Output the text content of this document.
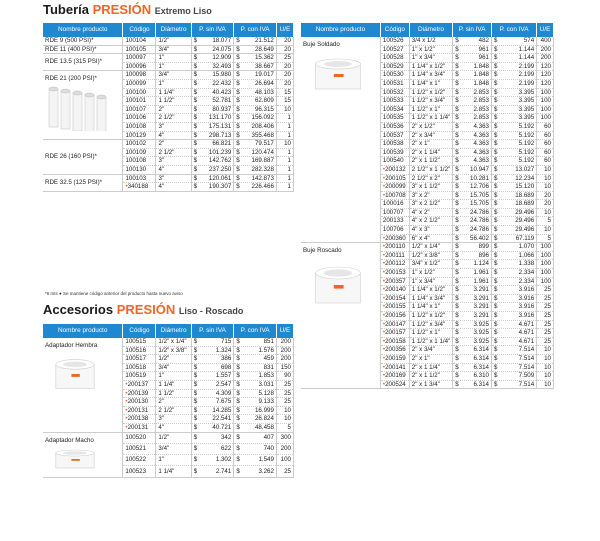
Tubería PRESIÓN Extremo Liso
Nombre producto	Código	Diámetro	P. sin IVA	P. con IVA	U/E

RDE 9 (500 PSI)*	100104	1/2"	$ 18.077	$ 21.512	20

RDE 11 (400 PSI)*	100105	3/4"	$ 24.075	$ 28.649	20

RDE 13.5 (315 PSI)*	100097	1"	$ 12.909	$ 15.362	25
	100096	1"	$ 32.493	$ 38.667	20

RDE 21 (200 PSI)*	100098	3/4"	$ 15.980	$ 19.017	20
	100099	1"	$ 22.432	$ 26.694	20
	100100	1 1/4"	$ 40.423	$ 48.103	15
	100101	1 1/2"	$ 52.781	$ 62.809	15
	100107	2"	$ 80.937	$ 96.315	10
	100106	2 1/2"	$ 131.170	$ 156.092	1
	100108	3"	$ 175.131	$ 208.406	1
	100129	4"	$ 298.713	$ 355.468	1

RDE 26 (160 PSI)*	100102	2"	$ 66.821	$ 79.517	10
	100109	2 1/2"	$ 101.239	$ 120.474	1
	100108	3"	$ 142.762	$ 169.887	1
	100130	4"	$ 237.250	$ 282.328	1

RDE 32.5 (125 PSI)*	100103	3"	$ 120.061	$ 142.873	1
	•340188	4"	$ 190.307	$ 226.466	1
*6 mts ● Se mantiene código anterior del producto hasta nuevo aviso
Accesorios PRESIÓN Liso - Roscado
Nombre producto	Código	Diámetro	P. sin IVA	P. con IVA	U/E

Adaptador Hembra	100515	1/2" x 1/4"	$ 715	$ 851	200
	100516	1/2" x 3/8"	$ 1.324	$ 1.576	200
	100517	1/2"	$ 386	$ 459	200
	100518	3/4"	$ 698	$ 831	150
	100519	1"	$ 1.557	$ 1.853	90
	•200137	1 1/4"	$ 2.547	$ 3.031	25
	•200139	1 1/2"	$ 4.309	$ 5.128	25
	•200130	2"	$ 7.675	$ 9.133	25
	•200131	2 1/2"	$ 14.285	$ 16.999	10
	•200138	3"	$ 22.541	$ 26.824	10
	•200131	4"	$ 40.721	$ 48.458	5

Adaptador Macho	100520	1/2"	$ 342	$ 407	300
	100521	3/4"	$ 622	$ 740	200
	100522	1"	$ 1.302	$ 1.549	100
	100523	1 1/4"	$ 2.741	$ 3.262	25
Nombre producto	Código	Diámetro	P. sin IVA	P. con IVA	U/E

Buje Soldado	100526	3/4 x 1/2	$ 482	$ 574	400
	100527	1" x 1/2"	$ 961	$ 1.144	200
	100528	1" x 3/4"	$ 961	$ 1.144	200
	100529	1 1/4" x 1/2"	$ 1.848	$ 2.199	120
	100530	1 1/4" x 3/4"	$ 1.848	$ 2.199	120
	100531	1 1/4" x 1"	$ 1.848	$ 2.199	120
	100532	1 1/2" x 1/2"	$ 2.853	$ 3.395	100
	100533	1 1/2" x 3/4"	$ 2.853	$ 3.395	100
	100534	1 1/2" x 1"	$ 2.853	$ 3.395	100
	100535	1 1/2" x 1 1/4"	$ 2.853	$ 3.395	100
	100536	2" x 1/2"	$ 4.363	$ 5.192	60
	100537	2" x 3/4"	$ 4.363	$ 5.192	60
	100538	2" x 1"	$ 4.363	$ 5.192	60
	100539	2" x 1 1/4"	$ 4.363	$ 5.192	60
	100540	2" x 1 1/2"	$ 4.363	$ 5.192	60
	•200132	2 1/2" x 1 1/2"	$ 10.947	$ 13.027	10
	•200105	2 1/2" x 2"	$ 10.281	$ 12.234	10
	•200099	3" x 1 1/2"	$ 12.706	$ 15.120	10
	•100708	3" x 2"	$ 15.705	$ 18.689	20
	100016	3" x 2 1/2"	$ 15.705	$ 18.689	20
	100707	4" x 2"	$ 24.786	$ 29.496	10
	200133	4" x 2 1/2"	$ 24.786	$ 29.496	5
	100706	4" x 3"	$ 24.786	$ 29.496	10
	•200360	6" x 4"	$ 56.402	$ 67.119	5

Buje Roscado	•200110	1/2" x 1/4"	$ 899	$ 1.070	100
	•200111	1/2" x 3/8"	$ 896	$ 1.066	100
	•200112	3/4" x 1/2"	$ 1.124	$ 1.338	100
	•200153	1" x 1/2"	$ 1.961	$ 2.334	100
	•200357	1" x 3/4"	$ 1.961	$ 2.334	100
	•200140	1 1/4" x 1/2"	$ 3.291	$ 3.916	25
	•200154	1 1/4" x 3/4"	$ 3.291	$ 3.916	25
	•200155	1 1/4" x 1"	$ 3.291	$ 3.916	25
	•200156	1 1/2" x 1/2"	$ 3.291	$ 3.916	25
	•200147	1 1/2" x 3/4"	$ 3.925	$ 4.671	25
	•200157	1 1/2" x 1"	$ 3.925	$ 4.671	25
	•200158	1 1/2" x 1 1/4"	$ 3.925	$ 4.671	25
	•200356	2" x 3/4"	$ 6.314	$ 7.514	10
	•200159	2" x 1"	$ 6.314	$ 7.514	10
	•200141	2" x 1 1/4"	$ 6.314	$ 7.514	10
	•200169	2" x 1 1/2"	$ 6.310	$ 7.509	10
	•200524	2" x 1 3/4"	$ 6.314	$ 7.514	10
